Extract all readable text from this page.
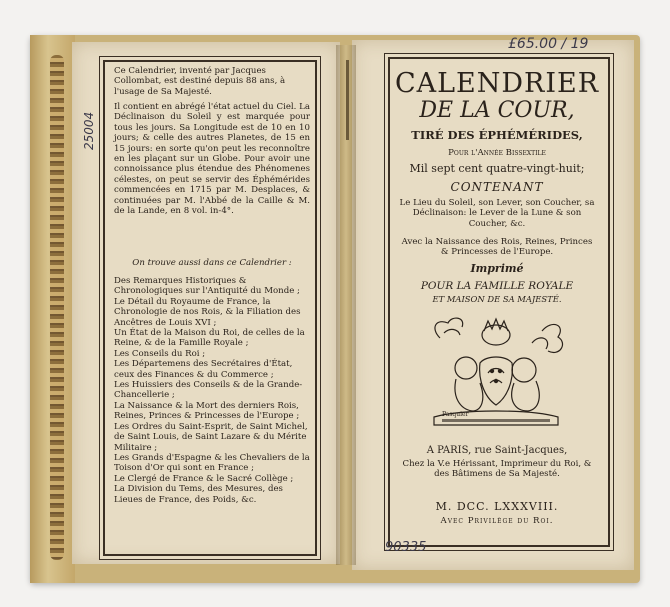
Ce Calendrier, inventé par Jacques Collombat, est destiné depuis 88 ans, à l'usage de Sa Majesté.
Il contient en abrégé l'état actuel du Ciel. La Déclinaison du Soleil y est marquée pour tous les jours. Sa Longitude est de 10 en 10 jours; & celle des autres Planetes, de 15 en 15 jours: en sorte qu'on peut les reconnoître en les plaçant sur un Globe. Pour avoir une connoissance plus étendue des Phénomenes célestes, on peut se servir des Éphémérides commencées en 1715 par M. Desplaces, & continuées par M. l'Abbé de la Caille & M. de la Lande, en 8 vol. in-4°.
On trouve aussi dans ce Calendrier :
Des Remarques Historiques & Chronologiques sur l'Antiquité du Monde ;
Le Détail du Royaume de France, la Chronologie de nos Rois, & la Filiation des Ancêtres de Louis XVI ;
Un État de la Maison du Roi, de celles de la Reine, & de la Famille Royale ;
Les Conseils du Roi ;
Les Départemens des Secrétaires d'État, ceux des Finances & du Commerce ;
Les Huissiers des Conseils & de la Grande-Chancellerie ;
La Naissance & la Mort des derniers Rois, Reines, Princes & Princesses de l'Europe ;
Les Ordres du Saint-Esprit, de Saint Michel, de Saint Louis, de Saint Lazare & du Mérite Militaire ;
Les Grands d'Espagne & les Chevaliers de la Toison d'Or qui sont en France ;
Le Clergé de France & le Sacré Collège ;
La Division du Tems, des Mesures, des Lieues de France, des Poids, &c.
25004
CALENDRIER
DE LA COUR,
TIRÉ DES ÉPHÉMÉRIDES,
Pour l'Année Bissextile
Mil sept cent quatre-vingt-huit;
CONTENANT
Le Lieu du Soleil, son Lever, son Coucher, sa Déclinaison: le Lever de la Lune & son Coucher, &c.
Avec la Naissance des Rois, Reines, Princes & Princesses de l'Europe.
Imprimé
POUR LA FAMILLE ROYALE
ET MAISON DE SA MAJESTÉ.
Pasquier
A PARIS, rue Saint-Jacques,
Chez la V.e Hérissant, Imprimeur du Roi, & des Bâtimens de Sa Majesté.
M. DCC. LXXXVIII.
Avec Privilège du Roi.
£65.00 / 19
90335
